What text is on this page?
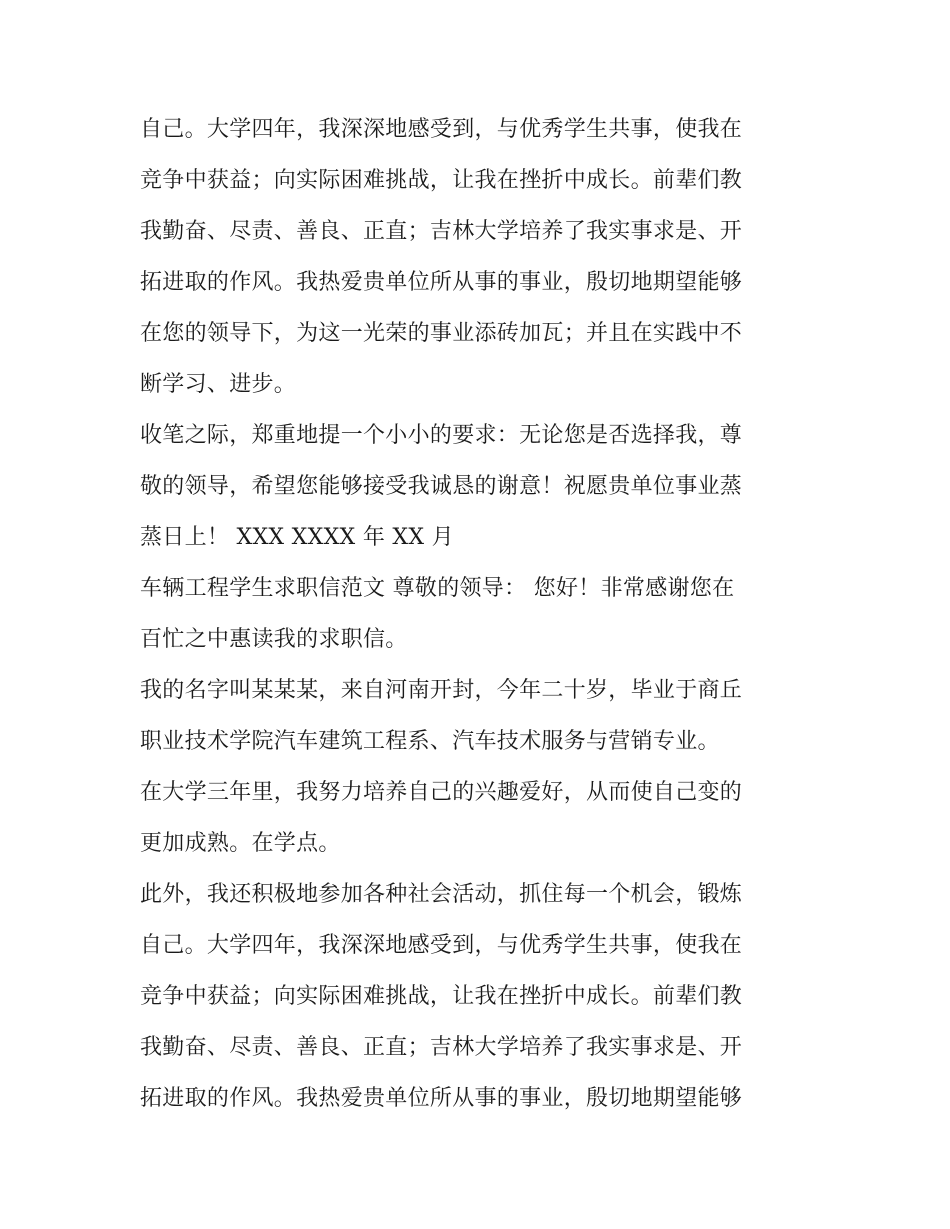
自己。大学四年，我深深地感受到，与优秀学生共事，使我在
竞争中获益；向实际困难挑战，让我在挫折中成长。前辈们教
我勤奋、尽责、善良、正直；吉林大学培养了我实事求是、开
拓进取的作风。我热爱贵单位所从事的事业，殷切地期望能够
在您的领导下，为这一光荣的事业添砖加瓦；并且在实践中不
断学习、进步。
收笔之际，郑重地提一个小小的要求：无论您是否选择我，尊
敬的领导，希望您能够接受我诚恳的谢意！祝愿贵单位事业蒸
蒸日上！ XXX XXXX 年 XX 月
车辆工程学生求职信范文 尊敬的领导： 您好！非常感谢您在
百忙之中惠读我的求职信。
我的名字叫某某某，来自河南开封，今年二十岁，毕业于商丘
职业技术学院汽车建筑工程系、汽车技术服务与营销专业。
在大学三年里，我努力培养自己的兴趣爱好，从而使自己变的
更加成熟。在学点。
此外，我还积极地参加各种社会活动，抓住每一个机会，锻炼
自己。大学四年，我深深地感受到，与优秀学生共事，使我在
竞争中获益；向实际困难挑战，让我在挫折中成长。前辈们教
我勤奋、尽责、善良、正直；吉林大学培养了我实事求是、开
拓进取的作风。我热爱贵单位所从事的事业，殷切地期望能够
